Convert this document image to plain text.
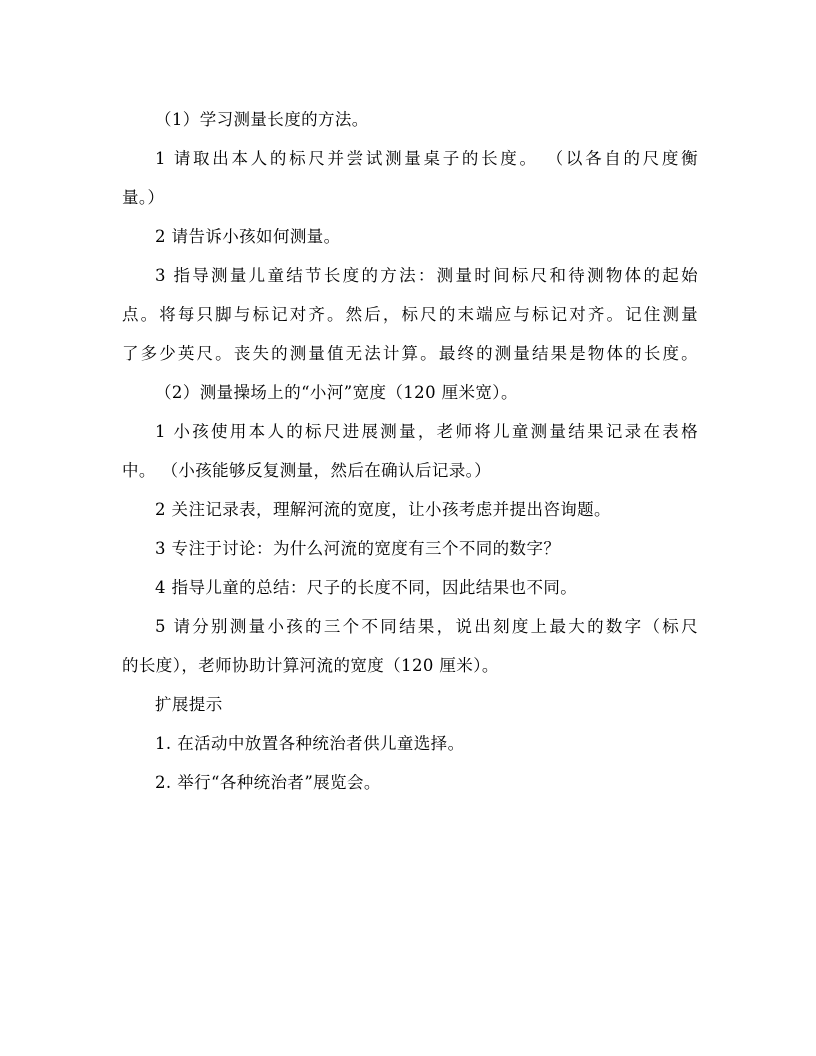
（1）学习测量长度的方法。

1 请取出本人的标尺并尝试测量桌子的长度。 （以各自的尺度衡
量。）

2 请告诉小孩如何测量。

3 指导测量儿童结节长度的方法：测量时间标尺和待测物体的起始
点。将每只脚与标记对齐。然后，标尺的末端应与标记对齐。记住测量
了多少英尺。丧失的测量值无法计算。最终的测量结果是物体的长度。

（2）测量操场上的“小河”宽度（120 厘米宽）。

1 小孩使用本人的标尺进展测量，老师将儿童测量结果记录在表格
中。 （小孩能够反复测量，然后在确认后记录。）

2 关注记录表，理解河流的宽度，让小孩考虑并提出咨询题。

3 专注于讨论：为什么河流的宽度有三个不同的数字？

4 指导儿童的总结：尺子的长度不同，因此结果也不同。

5 请分别测量小孩的三个不同结果，说出刻度上最大的数字（标尺
的长度），老师协助计算河流的宽度（120 厘米）。

扩展提示

1. 在活动中放置各种统治者供儿童选择。

2. 举行“各种统治者”展览会。
